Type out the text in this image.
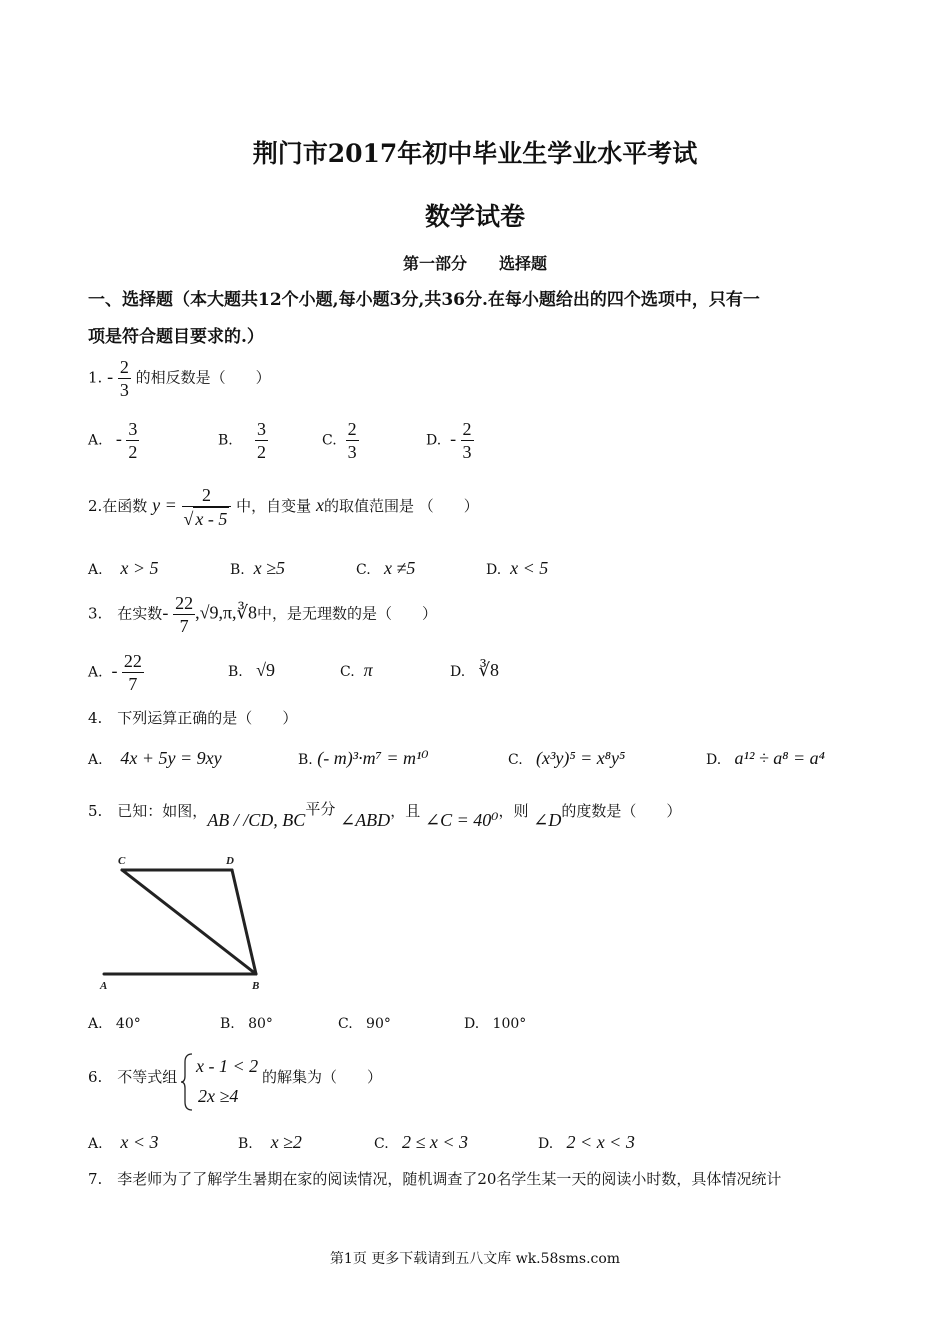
荆门市2017年初中毕业生学业水平考试
数学试卷
第一部分　　选择题
一、选择题（本大题共12个小题,每小题3分,共36分.在每小题给出的四个选项中，只有一
项是符合题目要求的.）
1. - $\frac{2}{3}$ 的相反数是（　　）
A. - $\frac{3}{2}$	B. $\frac{3}{2}$	C. $\frac{2}{3}$	D. - $\frac{2}{3}$
2.在函数 $y = \frac{2}{√ x - 5}$ 中，自变量 x的取值范围是 （　　）
A. x > 5	B. x ≥5	C. x ≠5	D. x < 5
3.　在实数- $\frac{22}{7}$ ,√9,π,∛8中，是无理数的是（　　）
A. - $\frac{22}{7}$	B. √9	C. π	D. ∛8
4.　下列运算正确的是（　　）
A. 4x + 5y = 9xy	B. (- m)³·m⁷ = m¹⁰	C. (x³y)⁵ = x⁸y⁵	D. a¹² ÷ a⁸ = a⁴
5.　已知：如图，AB / /CD, BC平分 ∠ABD，且 ∠C = 40⁰，则 ∠D的度数是（　　）
C	D
A	B
A. 40°	B. 80°	C. 90°	D. 100°
6.　不等式组
x - 1 < 2
2x ≥4
的解集为（　　）
A. x < 3	B. x ≥2	C. 2 ≤ x < 3	D. 2 < x < 3
7.　李老师为了了解学生暑期在家的阅读情况，随机调查了20名学生某一天的阅读小时数，具体情况统计
第1页 更多下载请到五八文库 wk.58sms.com
